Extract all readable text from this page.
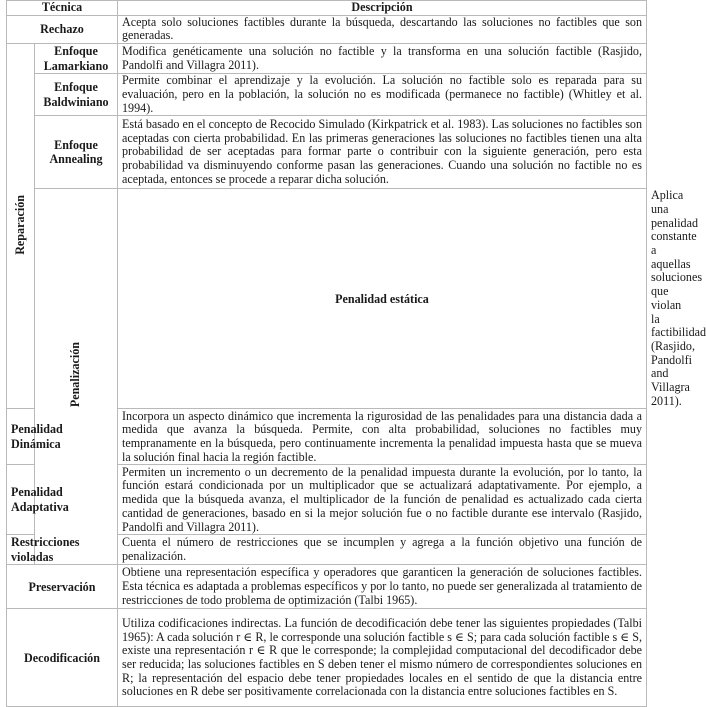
Técnica		Descripción	
Rechazo		Acepta solo soluciones factibles durante la búsqueda, descartando las soluciones no factibles que son generadas.	
Reparación	Enfoque Lamarkiano	Modifica genéticamente una solución no factible y la transforma en una solución factible (Rasjido, Pandolfi and Villagra 2011).	
	Enfoque Baldwiniano	Permite combinar el aprendizaje y la evolución. La solución no factible solo es reparada para su evaluación, pero en la población, la solución no es modificada (permanece no factible) (Whitley et al. 1994).	
	Enfoque Annealing	Está basado en el concepto de Recocido Simulado (Kirkpatrick et al. 1983). Las soluciones no factibles son aceptadas con cierta probabilidad. En las primeras generaciones las soluciones no factibles tienen una alta probabilidad de ser aceptadas para formar parte o contribuir con la siguiente generación, pero esta probabilidad va disminuyendo conforme pasan las generaciones. Cuando una solución no factible no es aceptada, entonces se procede a reparar dicha solución.	
	Penalización	Penalidad estática	Aplica una penalidad constante a aquellas soluciones que violan la factibilidad (Rasjido, Pandolfi and Villagra 2011).
Penalidad Dinámica		Incorpora un aspecto dinámico que incrementa la rigurosidad de las penalidades para una distancia dada a medida que avanza la búsqueda. Permite, con alta probabilidad, soluciones no factibles muy tempranamente en la búsqueda, pero continuamente incrementa la penalidad impuesta hasta que se mueva la solución final hacia la región factible.	
Penalidad Adaptativa		Permiten un incremento o un decremento de la penalidad impuesta durante la evolución, por lo tanto, la función estará condicionada por un multiplicador que se actualizará adaptativamente. Por ejemplo, a medida que la búsqueda avanza, el multiplicador de la función de penalidad es actualizado cada cierta cantidad de generaciones, basado en si la mejor solución fue o no factible durante ese intervalo (Rasjido, Pandolfi and Villagra 2011).	
Restricciones violadas		Cuenta el número de restricciones que se incumplen y agrega a la función objetivo una función de penalización.	
Preservación		Obtiene una representación específica y operadores que garanticen la generación de soluciones factibles. Esta técnica es adaptada a problemas específicos y por lo tanto, no puede ser generalizada al tratamiento de restricciones de todo problema de optimización (Talbi 1965).	
Decodificación		Utiliza codificaciones indirectas. La función de decodificación debe tener las siguientes propiedades (Talbi 1965): A cada solución r ∈ R, le corresponde una solución factible s ∈ S; para cada solución factible s ∈ S, existe una representación r ∈ R que le corresponde; la complejidad computacional del decodificador debe ser reducida; las soluciones factibles en S deben tener el mismo número de correspondientes soluciones en R; la representación del espacio debe tener propiedades locales en el sentido de que la distancia entre soluciones en R debe ser positivamente correlacionada con la distancia entre soluciones factibles en S.	
